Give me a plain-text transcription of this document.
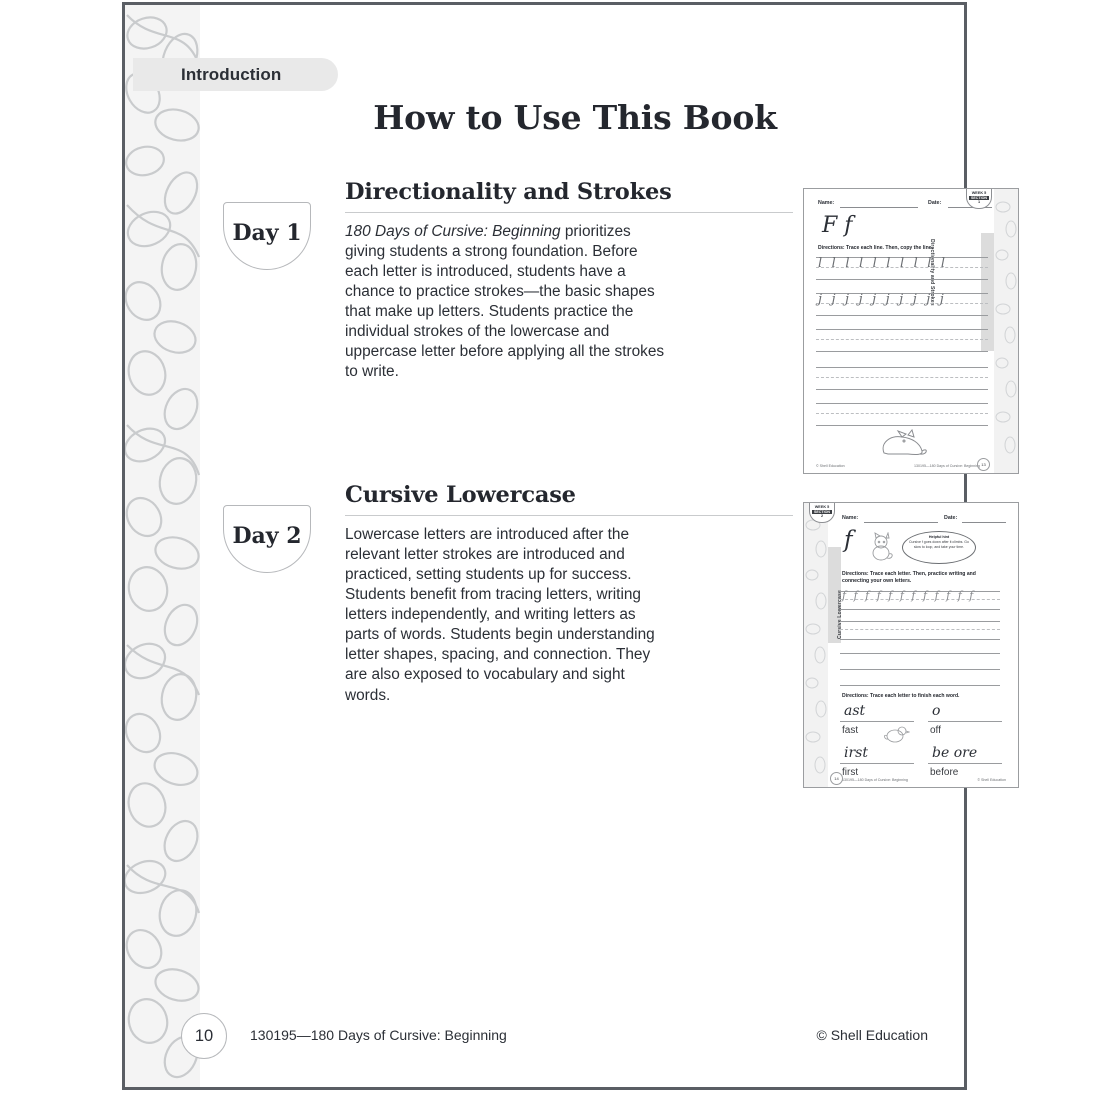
Introduction
How to Use This Book
Day 1
Directionality and Strokes
180 Days of Cursive: Beginning prioritizes giving students a strong foundation. Before each letter is introduced, students have a chance to practice strokes—the basic shapes that make up letters. Students practice the individual strokes of the lowercase and uppercase letter before applying all the strokes to write.
Directionality and Strokes
WEEK 5
SECTION
1
Name:	Date:
F f
Directions: Trace each line. Then, copy the line.
llllllllll
jjjjjjjjjj
© Shell Education	130195—180 Days of Cursive: Beginning 13
Day 2
Cursive Lowercase
Lowercase letters are introduced after the relevant letter strokes are introduced and practiced, setting students up for success. Students benefit from tracing letters, writing letters independently, and writing letters as parts of words. Students begin understanding letter shapes, spacing, and connection. They are also exposed to vocabulary and sight words.
Cursive Lowercase
WEEK 5
SECTION
2	Name:	Date:
f	Helpful hint
Cursive f goes down after it climbs. Go slow to loop, and take your time.
Directions: Trace each letter. Then, practice writing and connecting your own letters.
ffffffffffff
Directions: Trace each letter to finish each word.
ast
fast
o
off
irst
first
be ore
before
130195—180 Days of Cursive: Beginning	© Shell Education
14
10	130195—180 Days of Cursive: Beginning	© Shell Education
